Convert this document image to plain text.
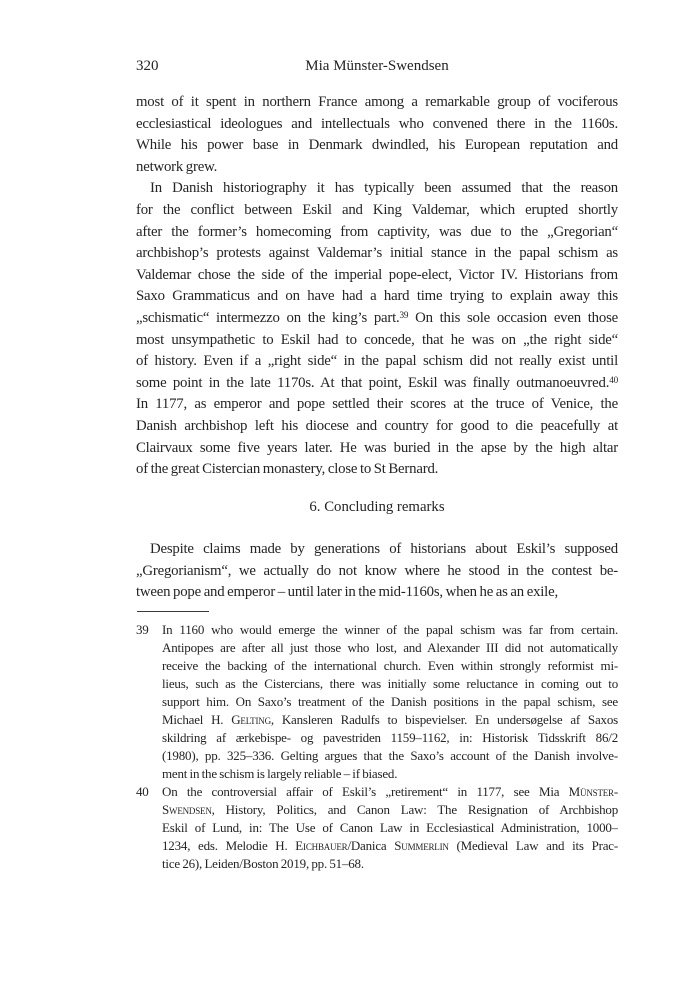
320	Mia Münster-Swendsen
most of it spent in northern France among a remarkable group of vociferous
ecclesiastical ideologues and intellectuals who convened there in the 1160s.
While his power base in Denmark dwindled, his European reputation and
network grew.
In Danish historiography it has typically been assumed that the reason
for the conflict between Eskil and King Valdemar, which erupted shortly
after the former’s homecoming from captivity, was due to the „Gregorian“
archbishop’s protests against Valdemar’s initial stance in the papal schism as
Valdemar chose the side of the imperial pope-elect, Victor IV. Historians from
Saxo Grammaticus and on have had a hard time trying to explain away this
„schismatic“ intermezzo on the king’s part.$^{39}$ On this sole occasion even those
most unsympathetic to Eskil had to concede, that he was on „the right side“
of history. Even if a „right side“ in the papal schism did not really exist until
some point in the late 1170s. At that point, Eskil was finally outmanoeuvred.$^{40}$
In 1177, as emperor and pope settled their scores at the truce of Venice, the
Danish archbishop left his diocese and country for good to die peacefully at
Clairvaux some five years later. He was buried in the apse by the high altar
of the great Cistercian monastery, close to St Bernard.
6. Concluding remarks
Despite claims made by generations of historians about Eskil’s supposed
„Gregorianism“, we actually do not know where he stood in the contest be-
tween pope and emperor – until later in the mid-1160s, when he as an exile,
39	In 1160 who would emerge the winner of the papal schism was far from certain.
Antipopes are after all just those who lost, and Alexander III did not automatically
receive the backing of the international church. Even within strongly reformist mi-
lieus, such as the Cistercians, there was initially some reluctance in coming out to
support him. On Saxo’s treatment of the Danish positions in the papal schism, see
Michael H. Gelting, Kansleren Radulfs to bispevielser. En undersøgelse af Saxos
skildring af ærkebispe- og pavestriden 1159–1162, in: Historisk Tidsskrift 86/2
(1980), pp. 325–336. Gelting argues that the Saxo’s account of the Danish involve-
ment in the schism is largely reliable – if biased.
40	On the controversial affair of Eskil’s „retirement“ in 1177, see Mia Münster-
Swendsen, History, Politics, and Canon Law: The Resignation of Archbishop
Eskil of Lund, in: The Use of Canon Law in Ecclesiastical Administration, 1000–
1234, eds. Melodie H. Eichbauer/Danica Summerlin (Medieval Law and its Prac-
tice 26), Leiden/Boston 2019, pp. 51–68.
